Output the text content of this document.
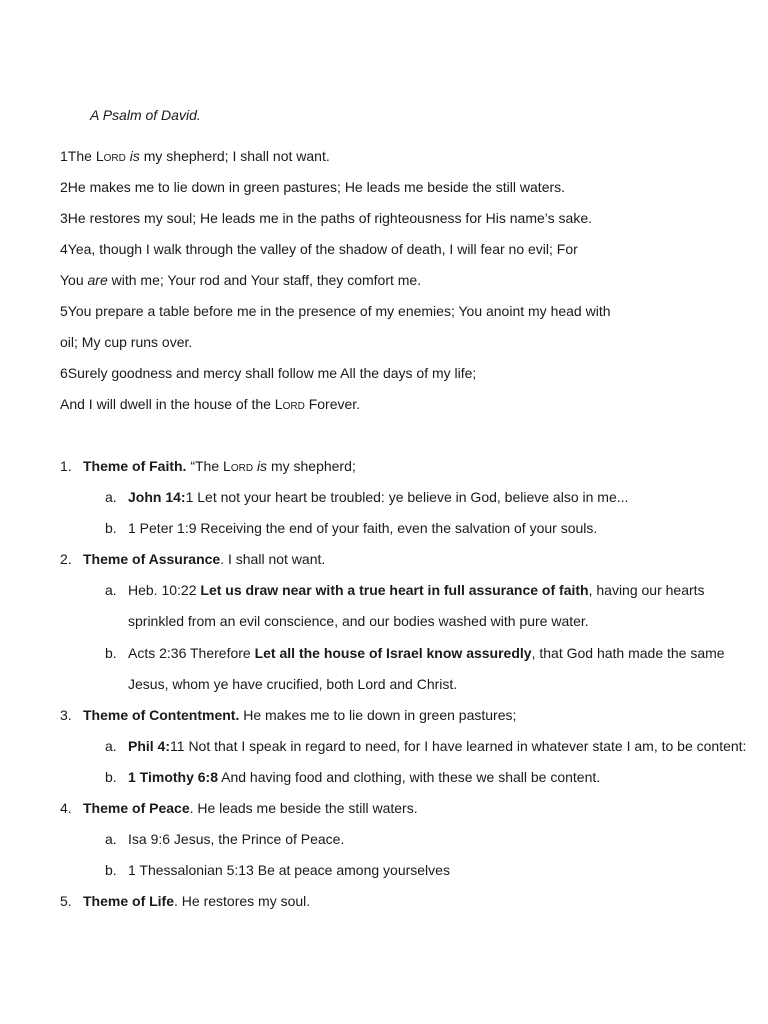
A Psalm of David.
1The Lord is my shepherd; I shall not want.
2He makes me to lie down in green pastures; He leads me beside the still waters.
3He restores my soul; He leads me in the paths of righteousness for His name’s sake.
4Yea, though I walk through the valley of the shadow of death, I will fear no evil; For
You are with me; Your rod and Your staff, they comfort me.
5You prepare a table before me in the presence of my enemies; You anoint my head with
oil; My cup runs over.
6Surely goodness and mercy shall follow me All the days of my life;
And I will dwell in the house of the Lord Forever.
1. Theme of Faith. “The Lord is my shepherd;
a. John 14:1 Let not your heart be troubled: ye believe in God, believe also in me...
b. 1 Peter 1:9 Receiving the end of your faith, even the salvation of your souls.
2. Theme of Assurance. I shall not want.
a. Heb. 10:22 Let us draw near with a true heart in full assurance of faith, having our hearts
sprinkled from an evil conscience, and our bodies washed with pure water.
b. Acts 2:36 Therefore Let all the house of Israel know assuredly, that God hath made the same
Jesus, whom ye have crucified, both Lord and Christ.
3. Theme of Contentment. He makes me to lie down in green pastures;
a. Phil 4:11 Not that I speak in regard to need, for I have learned in whatever state I am, to be content:
b. 1 Timothy 6:8 And having food and clothing, with these we shall be content.
4. Theme of Peace. He leads me beside the still waters.
a. Isa 9:6 Jesus, the Prince of Peace.
b. 1 Thessalonian 5:13 Be at peace among yourselves
5. Theme of Life. He restores my soul.
